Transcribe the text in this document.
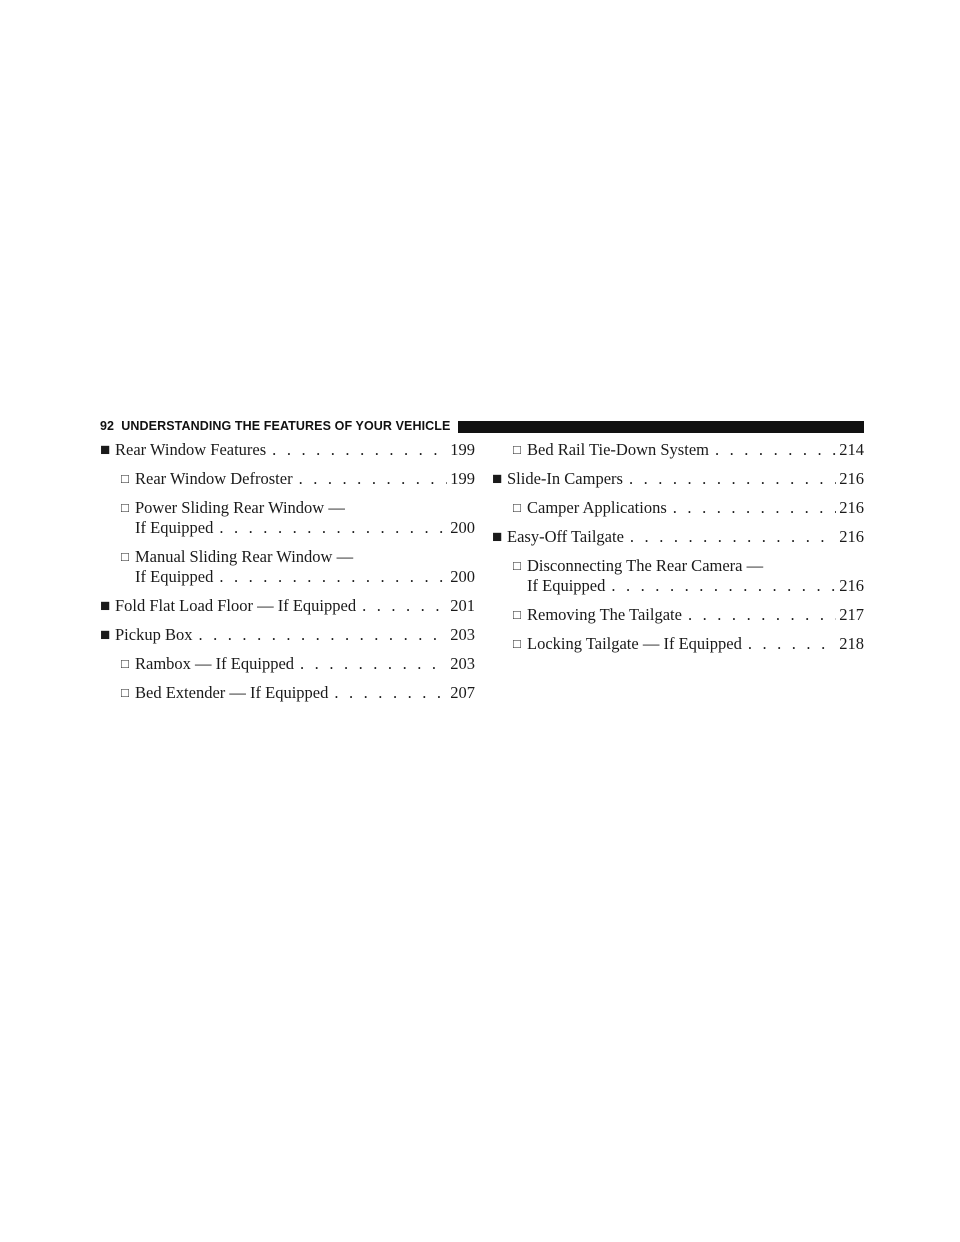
92 UNDERSTANDING THE FEATURES OF YOUR VEHICLE
■ Rear Window Features . . .	199
□ Rear Window Defroster . . .	199
□ Power Sliding Rear Window —
If Equipped . . .	200
□ Manual Sliding Rear Window —
If Equipped . . .	200
■ Fold Flat Load Floor — If Equipped . . .	201
■ Pickup Box . . .	203
□ Rambox — If Equipped . . .	203
□ Bed Extender — If Equipped . . .	207
□ Bed Rail Tie-Down System . . .	214
■ Slide-In Campers . . .	216
□ Camper Applications . . .	216
■ Easy-Off Tailgate . . .	216
□ Disconnecting The Rear Camera —
If Equipped . . .	216
□ Removing The Tailgate . . .	217
□ Locking Tailgate — If Equipped . . .	218
